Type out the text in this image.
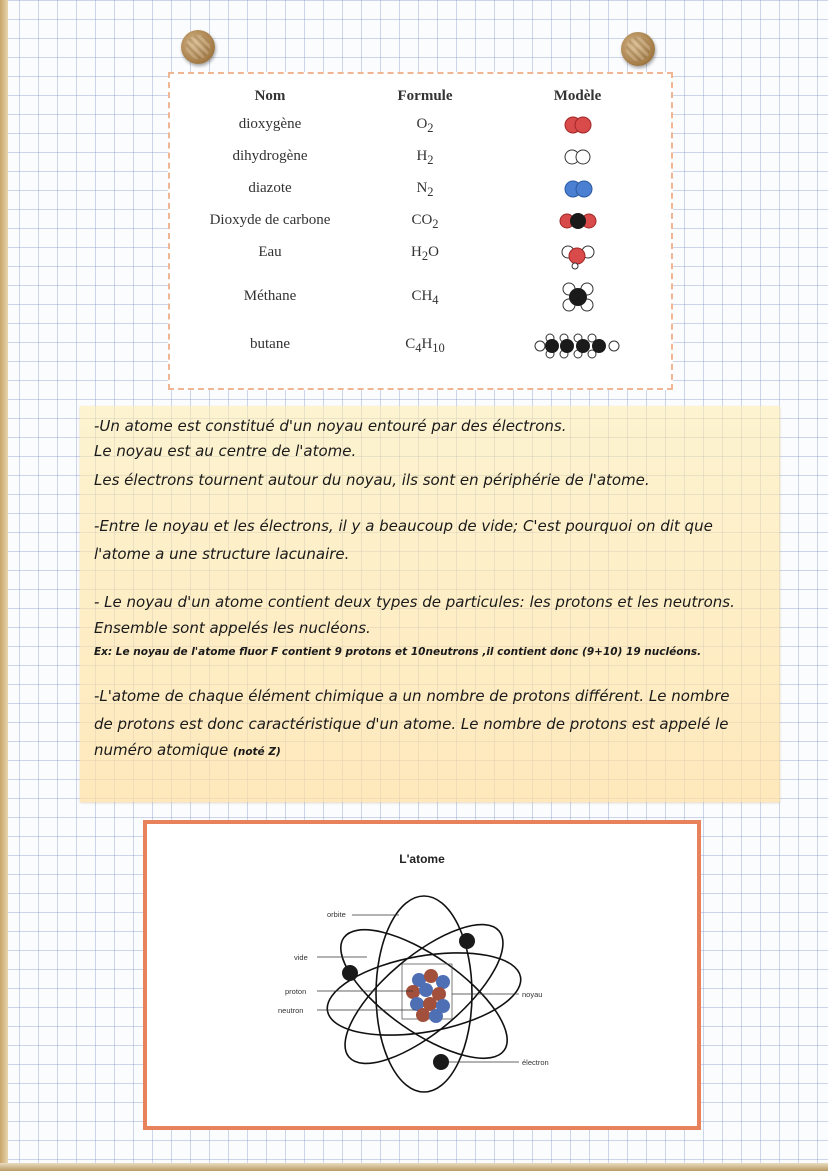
Nom	Formule	Modèle
dioxygène	$O_2$
dihydrogène	$H_2$
diazote	$N_2$
Dioxyde de carbone	$CO_2$
Eau	$H_2O$
Méthane	$CH_4$
butane	$C_4H_{10}$

-Un atome est constitué d'un noyau entouré par des électrons.

Le noyau est au centre de l'atome.

Les électrons tournent autour du noyau, ils sont en périphérie de l'atome.

-Entre le noyau et les électrons, il y a beaucoup de vide; C'est pourquoi on dit que

l'atome a une structure lacunaire.

- Le noyau d'un atome contient deux types de particules: les protons et les neutrons.

Ensemble sont appelés les nucléons.

Ex: Le noyau de l'atome fluor F contient 9 protons et 10neutrons ,il contient donc (9+10) 19 nucléons.

-L'atome de chaque élément chimique a un nombre de protons différent. Le nombre

de protons est donc caractéristique d'un atome. Le nombre de protons est appelé le

numéro atomique (noté Z)

L'atome
orbite
vide
proton
neutron
noyau
électron
